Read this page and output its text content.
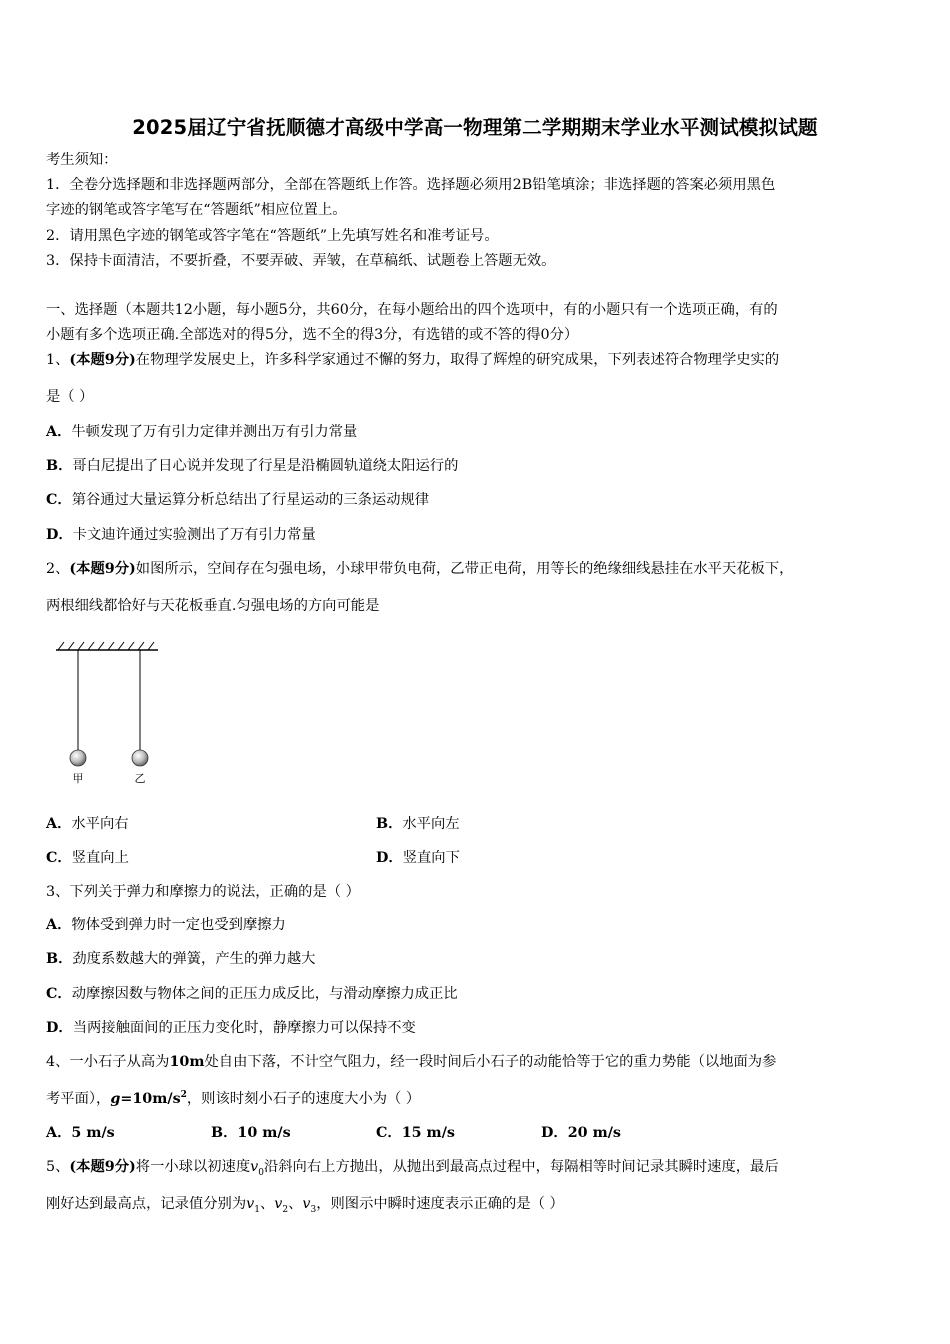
2025届辽宁省抚顺德才高级中学高一物理第二学期期末学业水平测试模拟试题
考生须知：
1．全卷分选择题和非选择题两部分，全部在答题纸上作答。选择题必须用2B铅笔填涂；非选择题的答案必须用黑色
字迹的钢笔或答字笔写在“答题纸”相应位置上。
2．请用黑色字迹的钢笔或答字笔在“答题纸”上先填写姓名和准考证号。
3．保持卡面清洁，不要折叠，不要弄破、弄皱，在草稿纸、试题卷上答题无效。
一、选择题（本题共12小题，每小题5分，共60分，在每小题给出的四个选项中，有的小题只有一个选项正确，有的
小题有多个选项正确.全部选对的得5分，选不全的得3分，有选错的或不答的得0分）
1、(本题9分)在物理学发展史上，许多科学家通过不懈的努力，取得了辉煌的研究成果，下列表述符合物理学史实的
是（ ）
A．牛顿发现了万有引力定律并测出万有引力常量
B．哥白尼提出了日心说并发现了行星是沿椭圆轨道绕太阳运行的
C．第谷通过大量运算分析总结出了行星运动的三条运动规律
D．卡文迪许通过实验测出了万有引力常量
2、(本题9分)如图所示，空间存在匀强电场，小球甲带负电荷，乙带正电荷，用等长的绝缘细线悬挂在水平天花板下，
两根细线都恰好与天花板垂直.匀强电场的方向可能是
甲	乙
A．水平向右	B．水平向左
C．竖直向上	D．竖直向下
3、下列关于弹力和摩擦力的说法，正确的是（ ）
A．物体受到弹力时一定也受到摩擦力
B．劲度系数越大的弹簧，产生的弹力越大
C．动摩擦因数与物体之间的正压力成反比，与滑动摩擦力成正比
D．当两接触面间的正压力变化时，静摩擦力可以保持不变
4、一小石子从高为10m处自由下落，不计空气阻力，经一段时间后小石子的动能恰等于它的重力势能（以地面为参
考平面），$g=10m/s^2$，则该时刻小石子的速度大小为（ ）
A．5 m/s	B．10 m/s	C．15 m/s	D．20 m/s
5、(本题9分)将一小球以初速度$v_0$沿斜向右上方抛出，从抛出到最高点过程中，每隔相等时间记录其瞬时速度，最后
刚好达到最高点，记录值分别为$v_1$、$v_2$、$v_3$，则图示中瞬时速度表示正确的是（ ）
